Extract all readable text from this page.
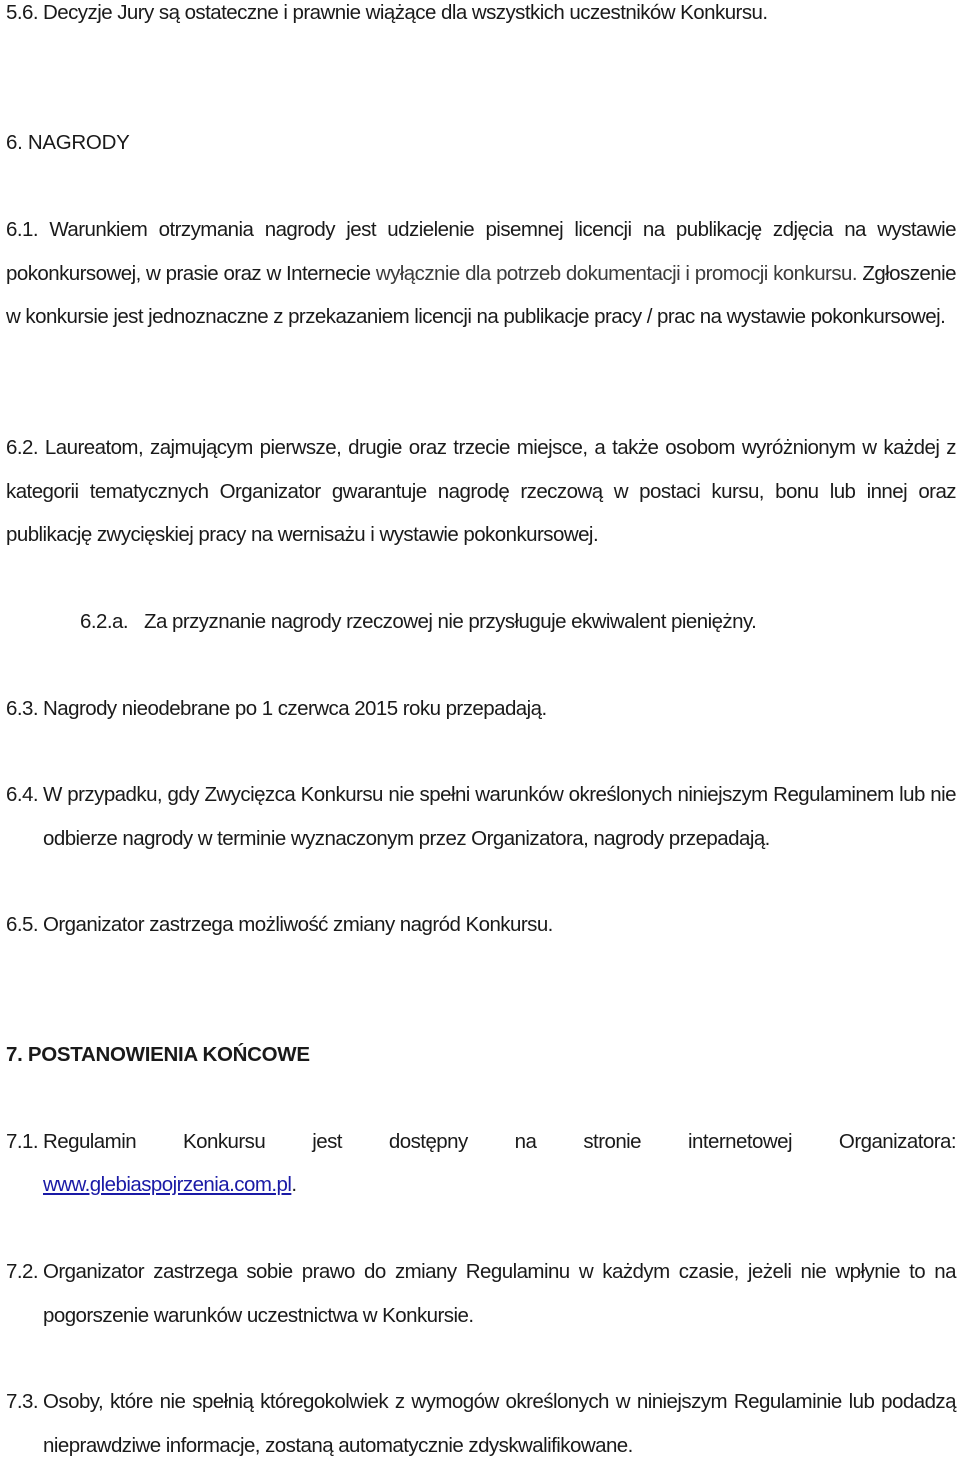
5.6. Decyzje Jury są ostateczne i prawnie wiążące dla wszystkich uczestników Konkursu.
6. NAGRODY
6.1. Warunkiem otrzymania nagrody jest udzielenie pisemnej licencji na publikację zdjęcia na wystawie pokonkursowej, w prasie oraz w Internecie wyłącznie dla potrzeb dokumentacji i promocji konkursu. Zgłoszenie w konkursie jest jednoznaczne z przekazaniem licencji na publikacje pracy / prac na wystawie pokonkursowej.
6.2. Laureatom, zajmującym pierwsze, drugie oraz trzecie miejsce, a także osobom wyróżnionym w każdej z kategorii tematycznych Organizator gwarantuje nagrodę rzeczową w postaci kursu, bonu lub innej oraz publikację zwycięskiej pracy na wernisażu i wystawie pokonkursowej.
6.2.a. Za przyznanie nagrody rzeczowej nie przysługuje ekwiwalent pieniężny.
6.3. Nagrody nieodebrane po 1 czerwca 2015 roku przepadają.
6.4. W przypadku, gdy Zwycięzca Konkursu nie spełni warunków określonych niniejszym Regulaminem lub nie odbierze nagrody w terminie wyznaczonym przez Organizatora, nagrody przepadają.
6.5. Organizator zastrzega możliwość zmiany nagród Konkursu.
7. POSTANOWIENIA KOŃCOWE
7.1. Regulamin Konkursu jest dostępny na stronie internetowej Organizatora:
www.glebiaspojrzenia.com.pl.
7.2. Organizator zastrzega sobie prawo do zmiany Regulaminu w każdym czasie, jeżeli nie wpłynie to na pogorszenie warunków uczestnictwa w Konkursie.
7.3. Osoby, które nie spełnią któregokolwiek z wymogów określonych w niniejszym Regulaminie lub podadzą nieprawdziwe informacje, zostaną automatycznie zdyskwalifikowane.
